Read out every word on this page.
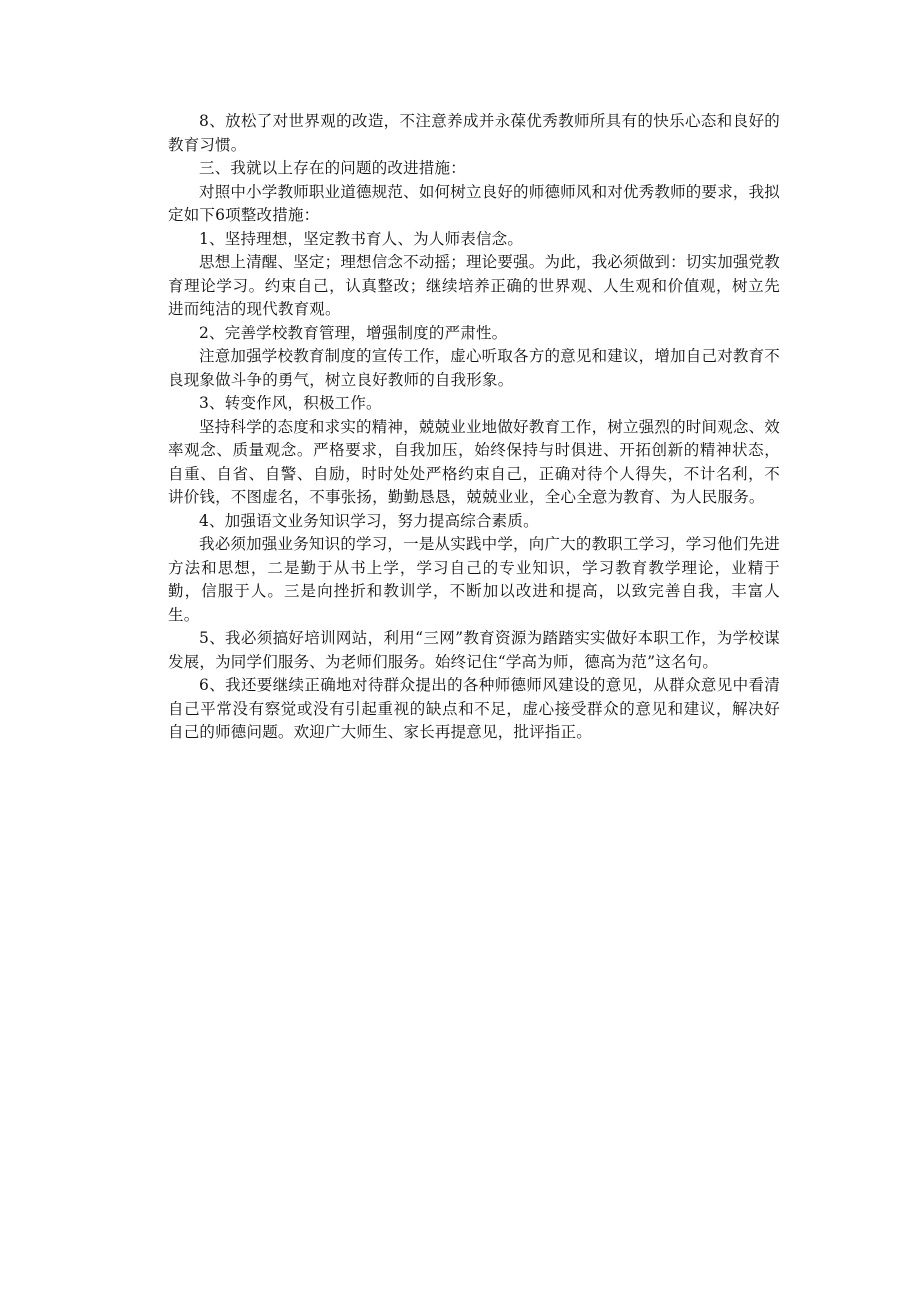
8、放松了对世界观的改造，不注意养成并永葆优秀教师所具有的快乐心态和良好的教育习惯。

三、我就以上存在的问题的改进措施：

对照中小学教师职业道德规范、如何树立良好的师德师风和对优秀教师的要求，我拟定如下6项整改措施：

1、坚持理想，坚定教书育人、为人师表信念。

思想上清醒、坚定；理想信念不动摇；理论要强。为此，我必须做到：切实加强党教育理论学习。约束自己，认真整改；继续培养正确的世界观、人生观和价值观，树立先进而纯洁的现代教育观。

2、完善学校教育管理，增强制度的严肃性。

注意加强学校教育制度的宣传工作，虚心听取各方的意见和建议，增加自己对教育不良现象做斗争的勇气，树立良好教师的自我形象。

3、转变作风，积极工作。

坚持科学的态度和求实的精神，兢兢业业地做好教育工作，树立强烈的时间观念、效率观念、质量观念。严格要求，自我加压，始终保持与时俱进、开拓创新的精神状态，自重、自省、自警、自励，时时处处严格约束自己，正确对待个人得失，不计名利，不讲价钱，不图虚名，不事张扬，勤勤恳恳，兢兢业业，全心全意为教育、为人民服务。

4、加强语文业务知识学习，努力提高综合素质。

我必须加强业务知识的学习，一是从实践中学，向广大的教职工学习，学习他们先进方法和思想，二是勤于从书上学，学习自己的专业知识，学习教育教学理论，业精于勤，信服于人。三是向挫折和教训学，不断加以改进和提高，以致完善自我，丰富人生。

5、我必须搞好培训网站，利用“三网”教育资源为踏踏实实做好本职工作，为学校谋发展，为同学们服务、为老师们服务。始终记住“学高为师，德高为范”这名句。

6、我还要继续正确地对待群众提出的各种师德师风建设的意见，从群众意见中看清自己平常没有察觉或没有引起重视的缺点和不足，虚心接受群众的意见和建议，解决好自己的师德问题。欢迎广大师生、家长再提意见，批评指正。
